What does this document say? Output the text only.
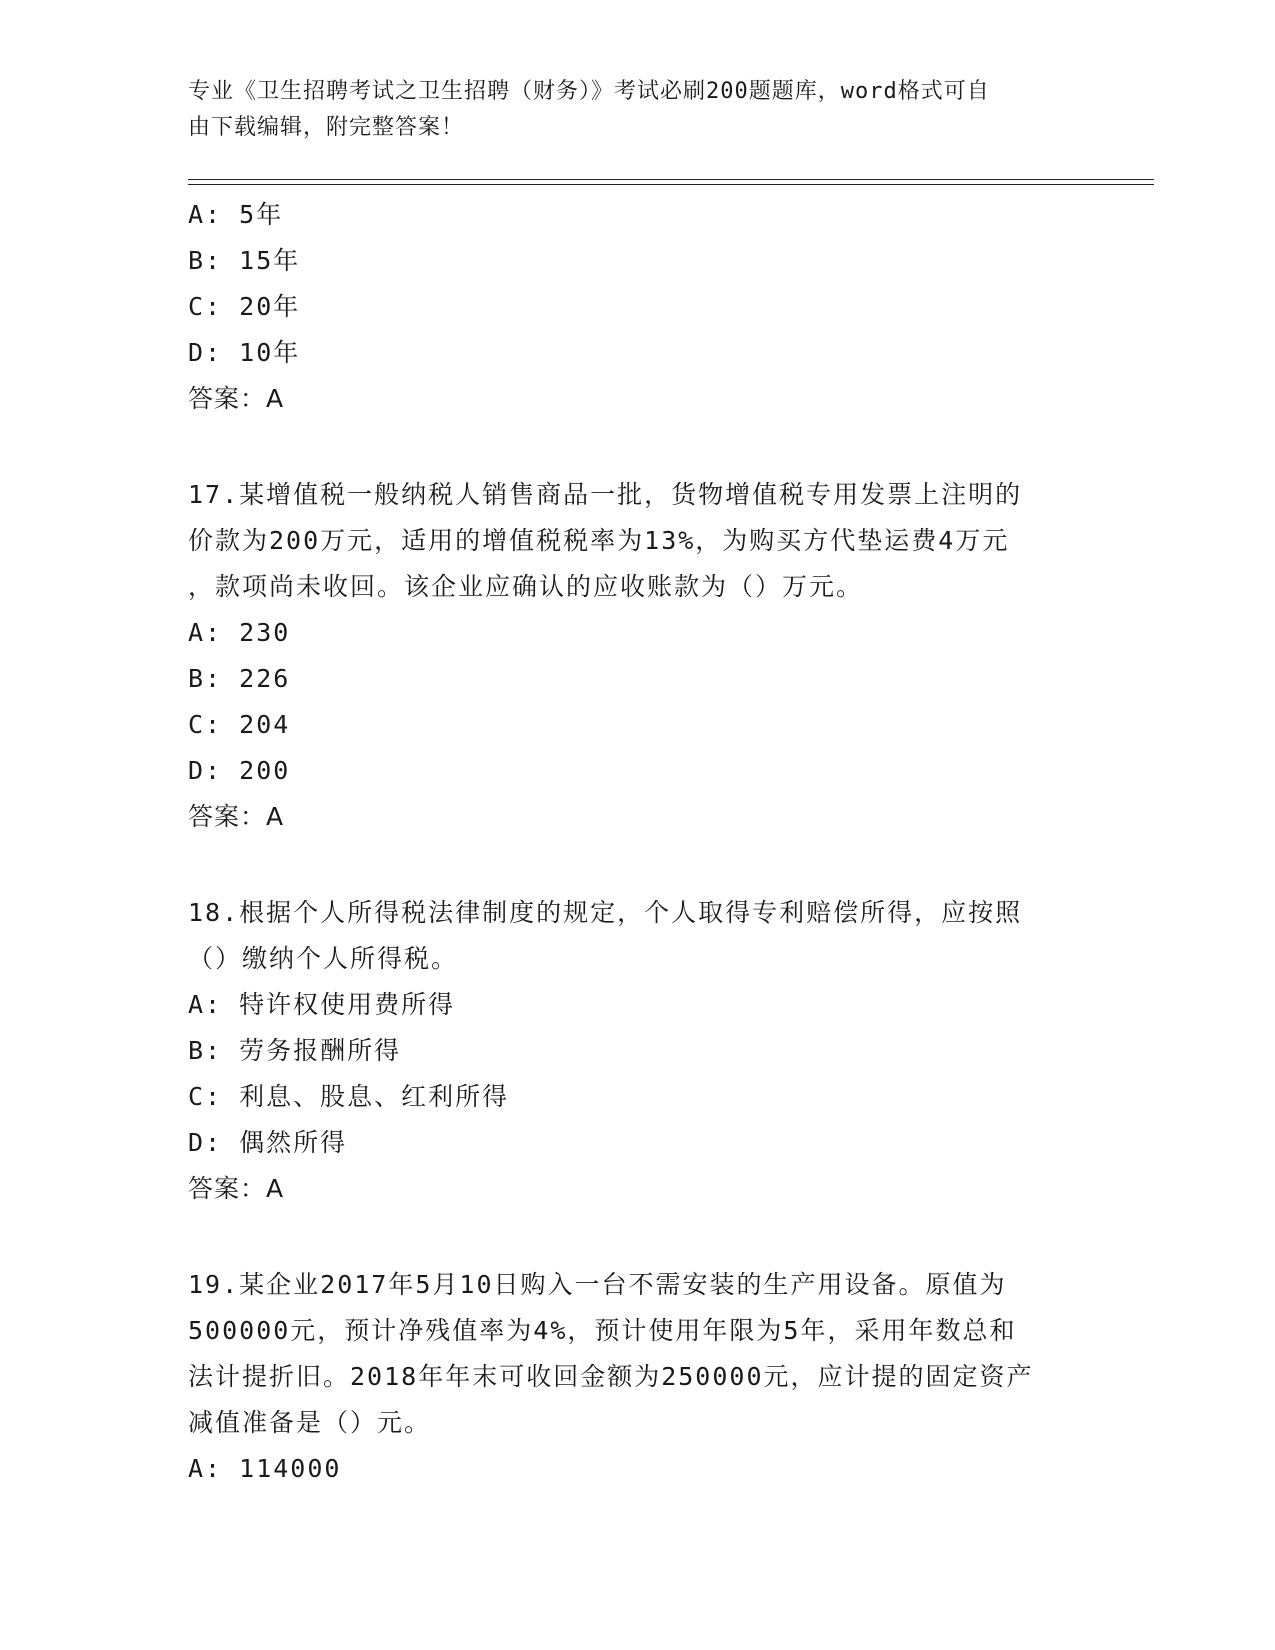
专业《卫生招聘考试之卫生招聘（财务）》考试必刷200题题库，word格式可自
由下载编辑，附完整答案！
A: 5年
B: 15年
C: 20年
D: 10年
答案：A
17.某增值税一般纳税人销售商品一批，货物增值税专用发票上注明的
价款为200万元，适用的增值税税率为13%，为购买方代垫运费4万元
，款项尚未收回。该企业应确认的应收账款为（）万元。
A: 230
B: 226
C: 204
D: 200
答案：A
18.根据个人所得税法律制度的规定，个人取得专利赔偿所得，应按照
（）缴纳个人所得税。
A: 特许权使用费所得
B: 劳务报酬所得
C: 利息、股息、红利所得
D: 偶然所得
答案：A
19.某企业2017年5月10日购入一台不需安装的生产用设备。原值为
500000元，预计净残值率为4%，预计使用年限为5年，采用年数总和
法计提折旧。2018年年末可收回金额为250000元，应计提的固定资产
减值准备是（）元。
A: 114000
